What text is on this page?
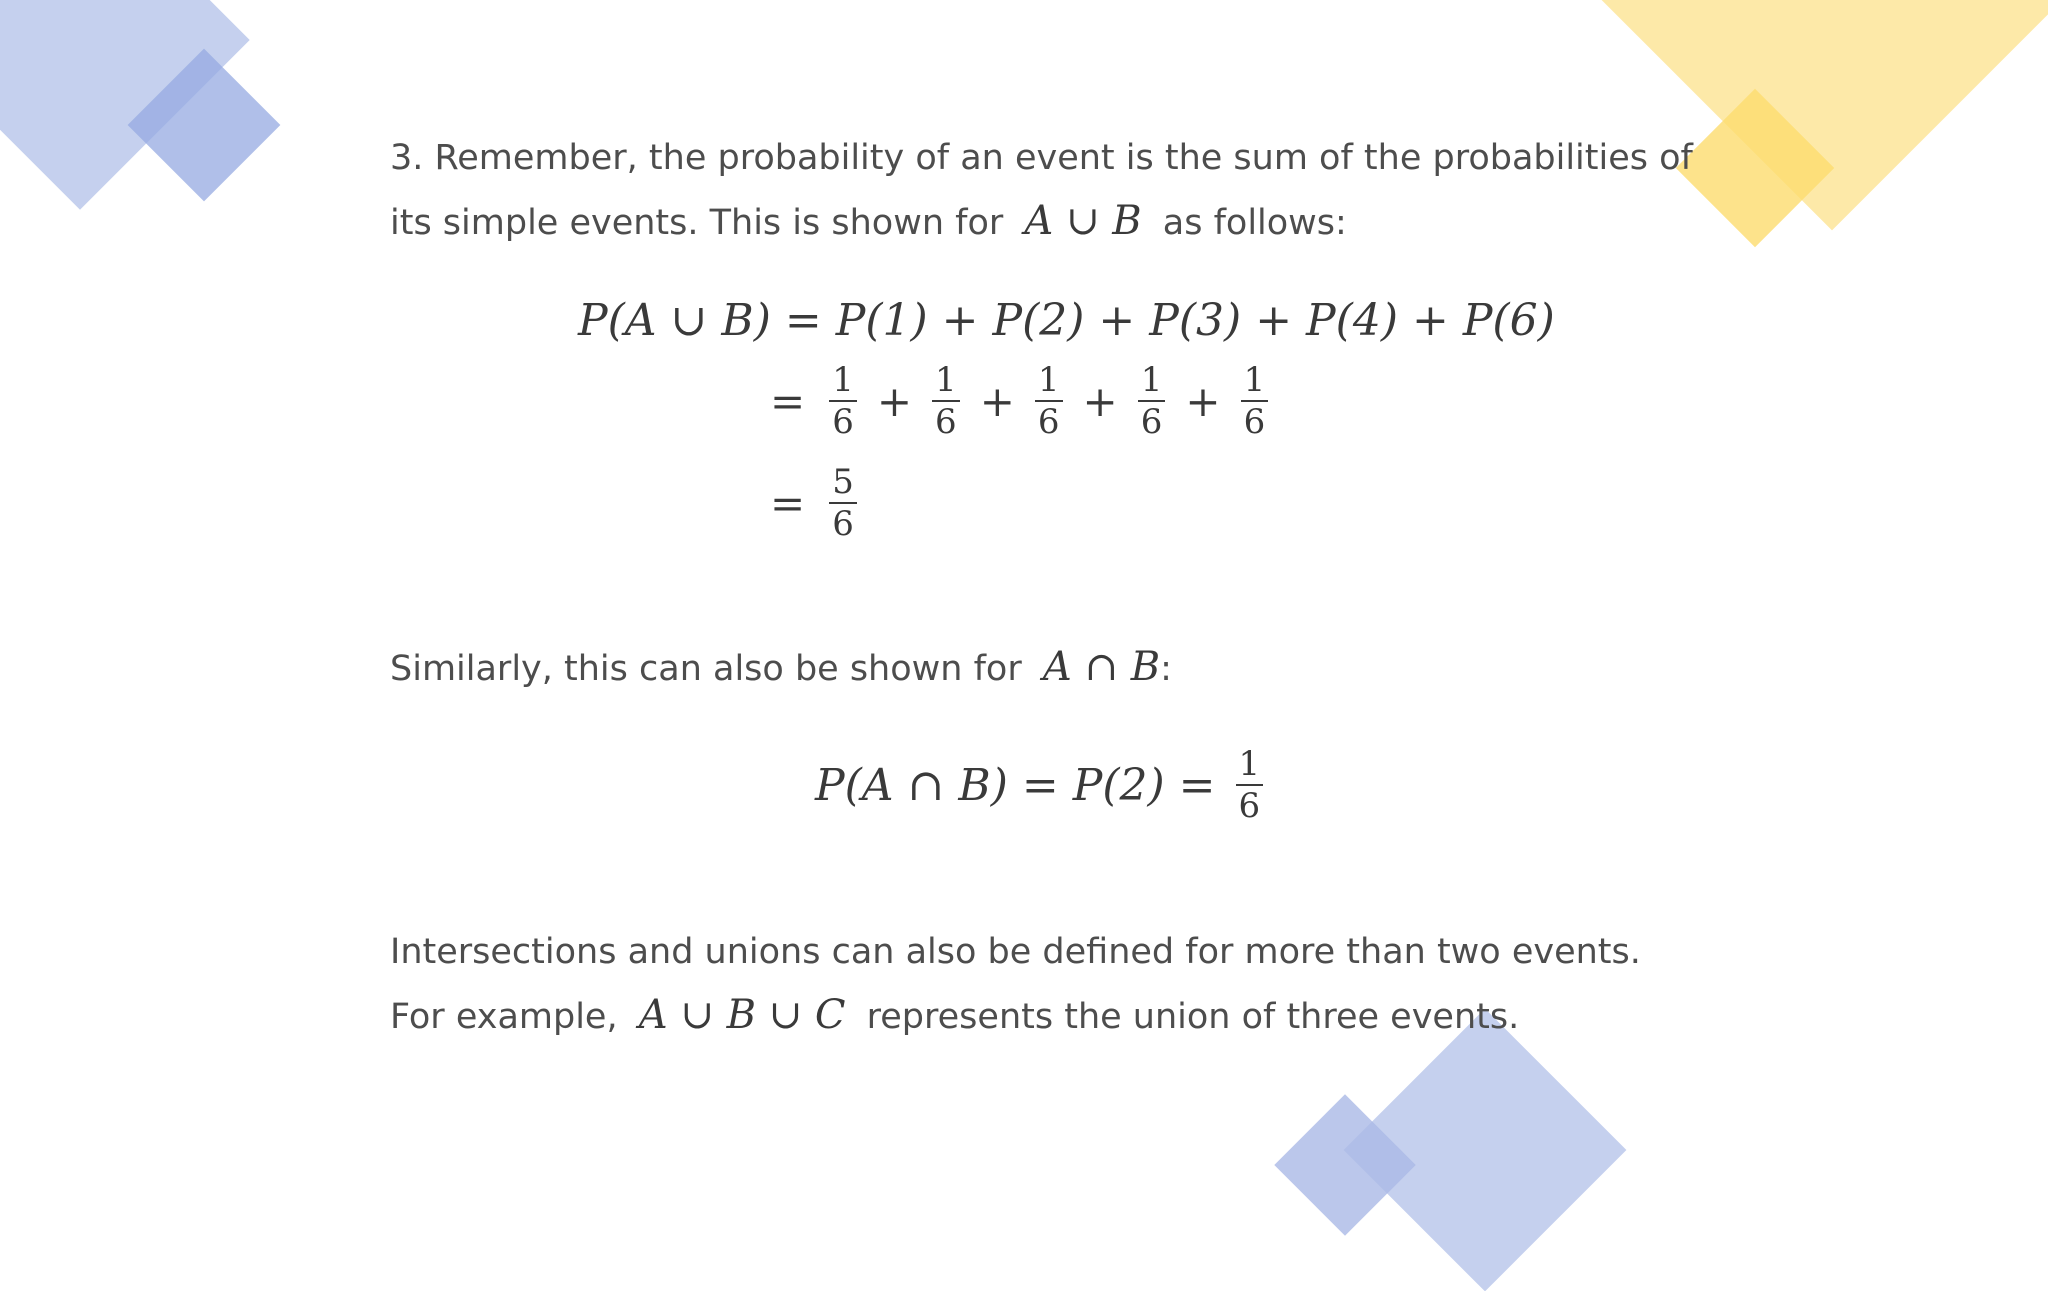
3. Remember, the probability of an event is the sum of the probabilities of
its simple events. This is shown for A ∪ B as follows:
P(A ∪ B) = P(1) + P(2) + P(3) + P(4) + P(6)
= $\frac{1}{6} + \frac{1}{6} + \frac{1}{6} + \frac{1}{6} + \frac{1}{6}$
= $\frac{5}{6}$
Similarly, this can also be shown for A ∩ B:
P(A ∩ $B) = P(2) = \frac{1}{6}$
Intersections and unions can also be defined for more than two events.
For example, A ∪ B ∪ C represents the union of three events.
